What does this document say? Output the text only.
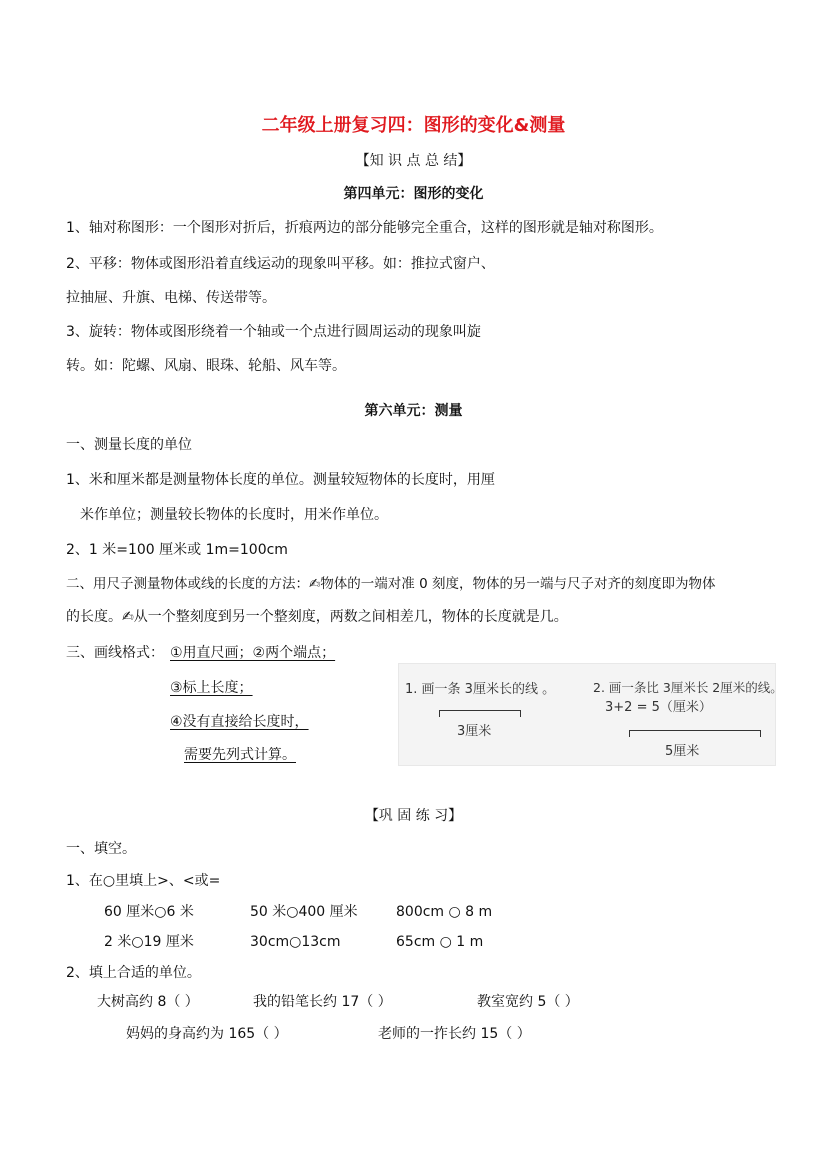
二年级上册复习四：图形的变化&测量
【知 识 点 总 结】
第四单元：图形的变化
1、轴对称图形：一个图形对折后，折痕两边的部分能够完全重合，这样的图形就是轴对称图形。
2、平移：物体或图形沿着直线运动的现象叫平移。如：推拉式窗户、
拉抽屉、升旗、电梯、传送带等。
3、旋转：物体或图形绕着一个轴或一个点进行圆周运动的现象叫旋
转。如：陀螺、风扇、眼珠、轮船、风车等。
第六单元：测量
一、测量长度的单位
1、米和厘米都是测量物体长度的单位。测量较短物体的长度时，用厘
米作单位；测量较长物体的长度时，用米作单位。
2、1 米=100 厘米或 1m=100cm
二、用尺子测量物体或线的长度的方法：✍物体的一端对准 0 刻度，物体的另一端与尺子对齐的刻度即为物体
的长度。✍从一个整刻度到另一个整刻度，两数之间相差几，物体的长度就是几。
三、画线格式： ①用直尺画；②两个端点；
③标上长度；
④没有直接给长度时，
需要先列式计算。
1. 画一条 3厘米长的线 。
3厘米
2. 画一条比 3厘米长 2厘米的线。
3+2 = 5（厘米）
5厘米
【巩 固 练 习】
一、填空。
1、在○里填上>、<或=
60 厘米○6 米	50 米○400 厘米	800cm ○ 8 m
2 米○19 厘米	30cm○13cm	65cm ○ 1 m
2、填上合适的单位。
大树高约 8（ ）	我的铅笔长约 17（ ）	教室宽约 5（ ）
妈妈的身高约为 165（ ）	老师的一拃长约 15（ ）
